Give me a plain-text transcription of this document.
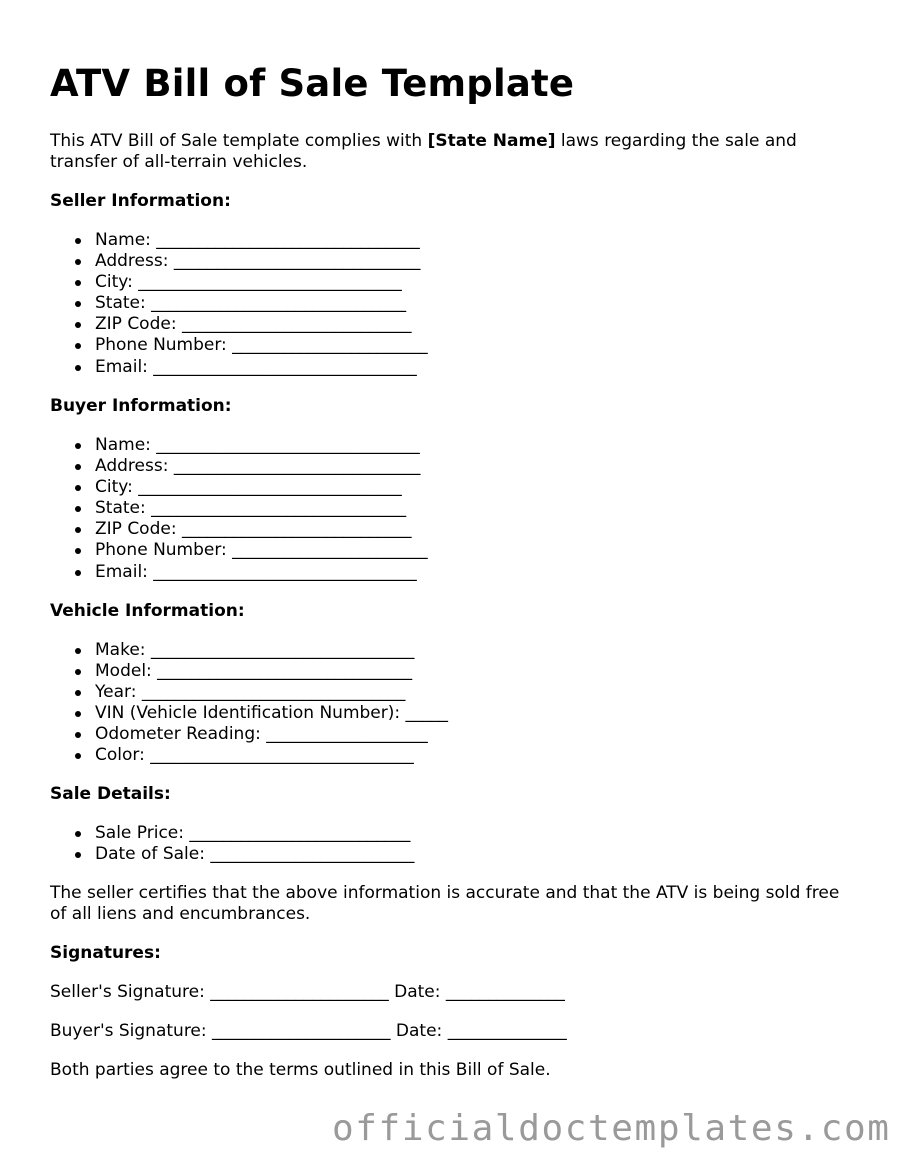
ATV Bill of Sale Template

This ATV Bill of Sale template complies with [State Name] laws regarding the sale and transfer of all-terrain vehicles.

Seller Information:

Name: _______________________________
Address: _____________________________
City: _______________________________
State: ______________________________
ZIP Code: ___________________________
Phone Number: _______________________
Email: _______________________________

Buyer Information:

Name: _______________________________
Address: _____________________________
City: _______________________________
State: ______________________________
ZIP Code: ___________________________
Phone Number: _______________________
Email: _______________________________

Vehicle Information:

Make: _______________________________
Model: ______________________________
Year: _______________________________
VIN (Vehicle Identification Number): _____
Odometer Reading: ___________________
Color: _______________________________

Sale Details:

Sale Price: __________________________
Date of Sale: ________________________

The seller certifies that the above information is accurate and that the ATV is being sold free of all liens and encumbrances.

Signatures:

Seller's Signature: _____________________ Date: ______________

Buyer's Signature: _____________________ Date: ______________

Both parties agree to the terms outlined in this Bill of Sale.

officialdoctemplates.com
